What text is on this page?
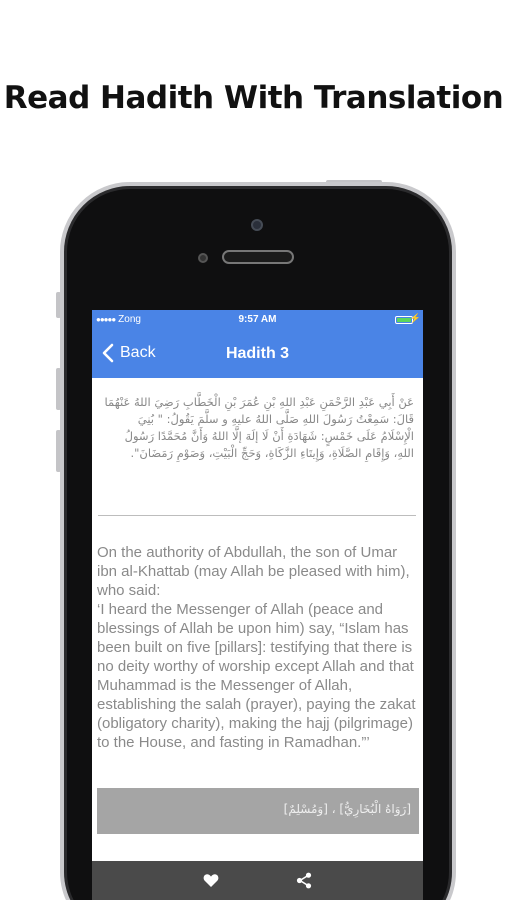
Read Hadith With Translation
●●●●● Zong	9:57 AM	⚡
Back	Hadith 3
عَنْ أَبِي عَبْدِ الرَّحْمَنِ عَبْدِ اللهِ بْنِ عُمَرَ بْنِ الْخَطَّابِ رَضِيَ اللهُ عَنْهُمَا قَالَ: سَمِعْتُ رَسُولَ اللهِ صَلَّى اللهُ عليهِ و سلَّمَ يَقُولُ: " بُنِيَ الْإِسْلَامُ عَلَى خَمْسٍ: شَهَادَةِ أَنْ لَا إلَهَ إلَّا اللهُ وَأَنَّ مُحَمَّدًا رَسُولُ اللهِ، وَإِقَامِ الصَّلَاةِ، وَإِيتَاءِ الزَّكَاةِ، وَحَجِّ الْبَيْتِ، وَصَوْمِ رَمَضَانَ".
On the authority of Abdullah, the son of Umar ibn al-Khattab (may Allah be pleased with him), who said:
‘I heard the Messenger of Allah (peace and blessings of Allah be upon him) say, “Islam has been built on five [pillars]: testifying that there is no deity worthy of worship except Allah and that Muhammad is the Messenger of Allah, establishing the salah (prayer), paying the zakat (obligatory charity), making the hajj (pilgrimage) to the House, and fasting in Ramadhan.”’
[رَوَاهُ الْبُخَارِيُّ] ، [وَمُسْلِمٌ]
